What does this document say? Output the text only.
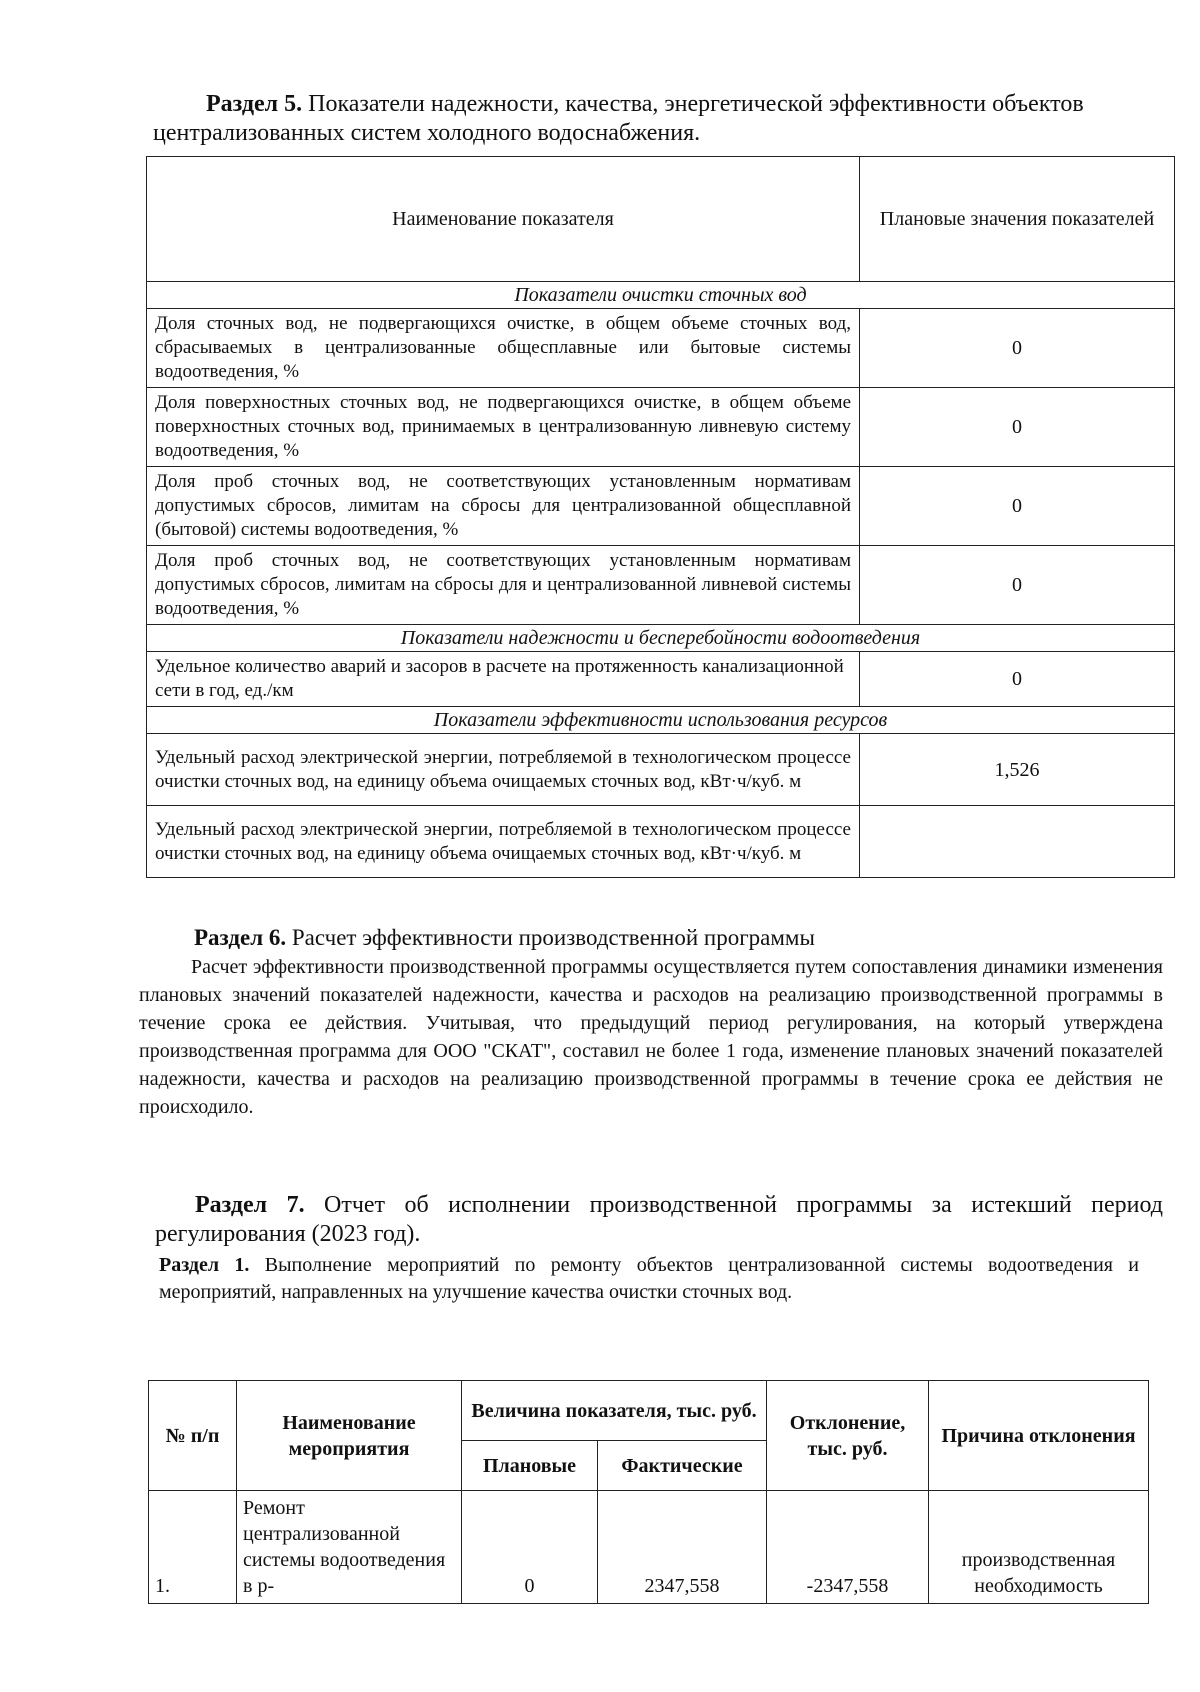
Раздел 5. Показатели надежности, качества, энергетической эффективности объектов
централизованных систем холодного водоснабжения.
Наименование показателя	Плановые значения показателей
Показатели очистки сточных вод	
Доля сточных вод, не подвергающихся очистке, в общем объеме сточных вод, сбрасываемых в централизованные общесплавные или бытовые системы водоотведения, %	0
Доля поверхностных сточных вод, не подвергающихся очистке, в общем объеме поверхностных сточных вод, принимаемых в централизованную ливневую систему водоотведения, %	0
Доля проб сточных вод, не соответствующих установленным нормативам допустимых сбросов, лимитам на сбросы для централизованной общесплавной (бытовой) системы водоотведения, %	0
Доля проб сточных вод, не соответствующих установленным нормативам допустимых сбросов, лимитам на сбросы для и централизованной ливневой системы водоотведения, %	0
Показатели надежности и бесперебойности водоотведения	
Удельное количество аварий и засоров в расчете на протяженность канализационной сети в год, ед./км	0
Показатели эффективности использования ресурсов	
Удельный расход электрической энергии, потребляемой в технологическом процессе очистки сточных вод, на единицу объема очищаемых сточных вод, кВт·ч/куб. м	1,526
Удельный расход электрической энергии, потребляемой в технологическом процессе очистки сточных вод, на единицу объема очищаемых сточных вод, кВт·ч/куб. м	
Раздел 6. Расчет эффективности производственной программы
Расчет эффективности производственной программы осуществляется путем сопоставления динамики изменения плановых значений показателей надежности, качества и расходов на реализацию производственной программы в течение срока ее действия. Учитывая, что предыдущий период регулирования, на который утверждена производственная программа для ООО "СКАТ", составил не более 1 года, изменение плановых значений показателей надежности, качества и расходов на реализацию производственной программы в течение срока ее действия не происходило.
Раздел 7. Отчет об исполнении производственной программы за истекший период регулирования (2023 год).
Раздел 1. Выполнение мероприятий по ремонту объектов централизованной системы водоотведения и мероприятий, направленных на улучшение качества очистки сточных вод.
№ п/п	Наименование мероприятия	Величина показателя, тыс. руб.		Отклонение, тыс. руб.	Причина отклонения
		Плановые	Фактические		
1.	Ремонт централизованной системы водоотведения в р-	0	2347,558	-2347,558	производственная необходимость
